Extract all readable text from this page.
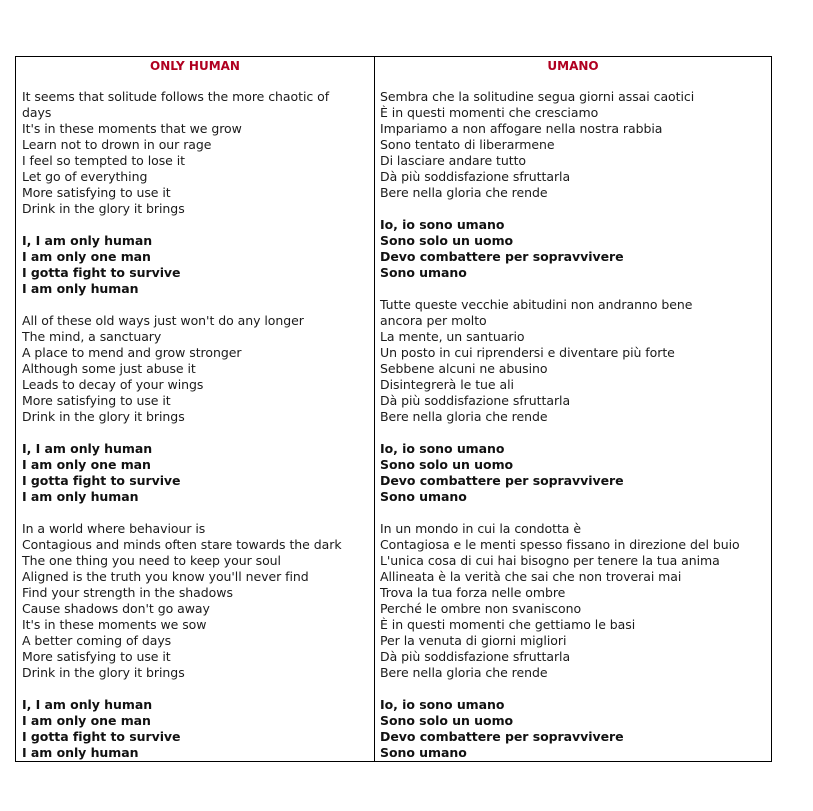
ONLY HUMAN
It seems that solitude follows the more chaotic of
days
It's in these moments that we grow
Learn not to drown in our rage
I feel so tempted to lose it
Let go of everything
More satisfying to use it
Drink in the glory it brings
I, I am only human
I am only one man
I gotta fight to survive
I am only human
All of these old ways just won't do any longer
The mind, a sanctuary
A place to mend and grow stronger
Although some just abuse it
Leads to decay of your wings
More satisfying to use it
Drink in the glory it brings
I, I am only human
I am only one man
I gotta fight to survive
I am only human
In a world where behaviour is
Contagious and minds often stare towards the dark
The one thing you need to keep your soul
Aligned is the truth you know you'll never find
Find your strength in the shadows
Cause shadows don't go away
It's in these moments we sow
A better coming of days
More satisfying to use it
Drink in the glory it brings
I, I am only human
I am only one man
I gotta fight to survive
I am only human
UMANO
Sembra che la solitudine segua giorni assai caotici
È in questi momenti che cresciamo
Impariamo a non affogare nella nostra rabbia
Sono tentato di liberarmene
Di lasciare andare tutto
Dà più soddisfazione sfruttarla
Bere nella gloria che rende
Io, io sono umano
Sono solo un uomo
Devo combattere per sopravvivere
Sono umano
Tutte queste vecchie abitudini non andranno bene
ancora per molto
La mente, un santuario
Un posto in cui riprendersi e diventare più forte
Sebbene alcuni ne abusino
Disintegrerà le tue ali
Dà più soddisfazione sfruttarla
Bere nella gloria che rende
Io, io sono umano
Sono solo un uomo
Devo combattere per sopravvivere
Sono umano
In un mondo in cui la condotta è
Contagiosa e le menti spesso fissano in direzione del buio
L'unica cosa di cui hai bisogno per tenere la tua anima
Allineata è la verità che sai che non troverai mai
Trova la tua forza nelle ombre
Perché le ombre non svaniscono
È in questi momenti che gettiamo le basi
Per la venuta di giorni migliori
Dà più soddisfazione sfruttarla
Bere nella gloria che rende
Io, io sono umano
Sono solo un uomo
Devo combattere per sopravvivere
Sono umano
